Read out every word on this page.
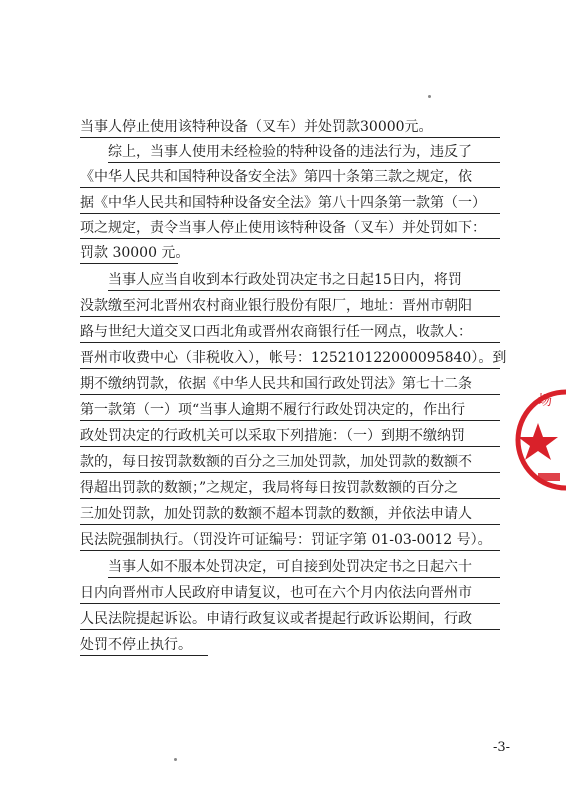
当事人停止使用该特种设备（叉车）并处罚款30000元。
综上，当事人使用未经检验的特种设备的违法行为，违反了
《中华人民共和国特种设备安全法》第四十条第三款之规定，依
据《中华人民共和国特种设备安全法》第八十四条第一款第（一）
项之规定，责令当事人停止使用该特种设备（叉车）并处罚如下：
罚款 30000 元。
当事人应当自收到本行政处罚决定书之日起15日内，将罚
没款缴至河北晋州农村商业银行股份有限厂，地址：晋州市朝阳
路与世纪大道交叉口西北角或晋州农商银行任一网点，收款人：
晋州市收费中心（非税收入），帐号：125210122000095840）。到
期不缴纳罚款，依据《中华人民共和国行政处罚法》第七十二条
第一款第（一）项“当事人逾期不履行行政处罚决定的，作出行
政处罚决定的行政机关可以采取下列措施：（一）到期不缴纳罚
款的，每日按罚款数额的百分之三加处罚款，加处罚款的数额不
得超出罚款的数额；”之规定，我局将每日按罚款数额的百分之
三加处罚款，加处罚款的数额不超本罚款的数额，并依法申请人
民法院强制执行。（罚没许可证编号：罚证字第 01-03-0012 号）。
当事人如不服本处罚决定，可自接到处罚决定书之日起六十
日内向晋州市人民政府申请复议，也可在六个月内依法向晋州市
人民法院提起诉讼。申请行政复议或者提起行政诉讼期间，行政
处罚不停止执行。
场
-3-
